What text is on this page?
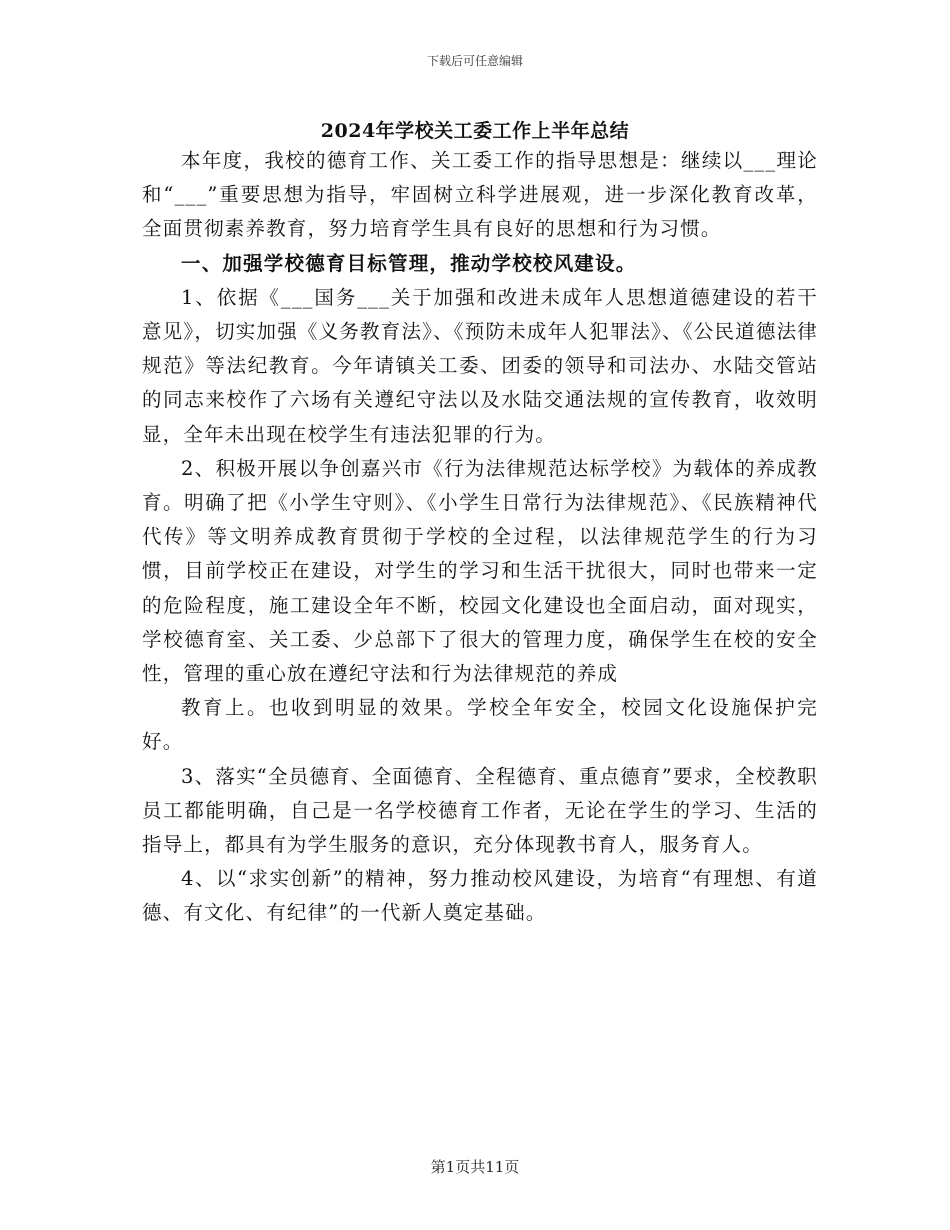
下载后可任意编辑
2024年学校关工委工作上半年总结

本年度，我校的德育工作、关工委工作的指导思想是：继续以___理论和“___”重要思想为指导，牢固树立科学进展观，进一步深化教育改革，全面贯彻素养教育，努力培育学生具有良好的思想和行为习惯。

一、加强学校德育目标管理，推动学校校风建设。

1、依据《___国务___关于加强和改进未成年人思想道德建设的若干意见》，切实加强《义务教育法》、《预防未成年人犯罪法》、《公民道德法律规范》等法纪教育。今年请镇关工委、团委的领导和司法办、水陆交管站的同志来校作了六场有关遵纪守法以及水陆交通法规的宣传教育，收效明显，全年未出现在校学生有违法犯罪的行为。

2、积极开展以争创嘉兴市《行为法律规范达标学校》为载体的养成教育。明确了把《小学生守则》、《小学生日常行为法律规范》、《民族精神代代传》等文明养成教育贯彻于学校的全过程，以法律规范学生的行为习惯，目前学校正在建设，对学生的学习和生活干扰很大，同时也带来一定的危险程度，施工建设全年不断，校园文化建设也全面启动，面对现实，学校德育室、关工委、少总部下了很大的管理力度，确保学生在校的安全性，管理的重心放在遵纪守法和行为法律规范的养成

教育上。也收到明显的效果。学校全年安全，校园文化设施保护完好。

3、落实“全员德育、全面德育、全程德育、重点德育”要求，全校教职员工都能明确，自己是一名学校德育工作者，无论在学生的学习、生活的指导上，都具有为学生服务的意识，充分体现教书育人，服务育人。

4、以“求实创新”的精神，努力推动校风建设，为培育“有理想、有道德、有文化、有纪律”的一代新人奠定基础。

第1页共11页
